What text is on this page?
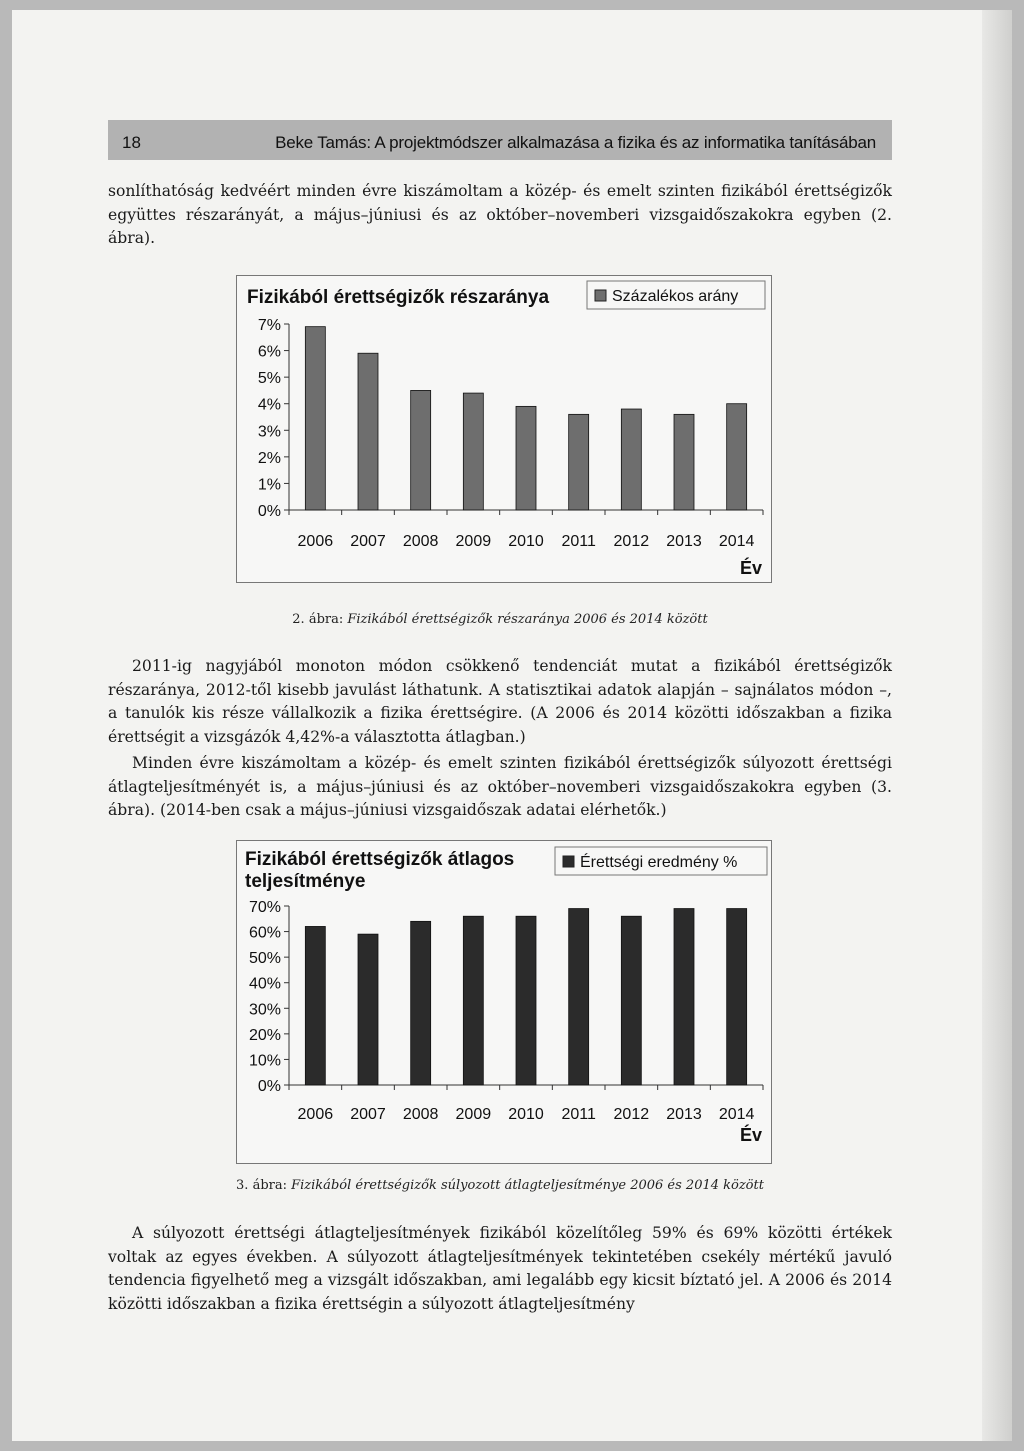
18	Beke Tamás: A projektmódszer alkalmazása a fizika és az informatika tanításában

sonlíthatóság kedvéért minden évre kiszámoltam a közép- és emelt szinten fizikából érettségizők együttes részarányát, a május–júniusi és az október–novemberi vizsgaidőszakokra egyben (2. ábra).

Fizikából érettségizők részaránya	Százalékos arány
0%
1%
2%
3%
4%
5%
6%
7%
2006 2007 2008 2009 2010 2011 2012 2013 2014
Év
2. ábra: Fizikából érettségizők részaránya 2006 és 2014 között

2011-ig nagyjából monoton módon csökkenő tendenciát mutat a fizikából érettségizők részaránya, 2012-től kisebb javulást láthatunk. A statisztikai adatok alapján – sajnálatos módon –, a tanulók kis része vállalkozik a fizika érettségire. (A 2006 és 2014 közötti időszakban a fizika érettségit a vizsgázók 4,42%-a választotta átlagban.)

Minden évre kiszámoltam a közép- és emelt szinten fizikából érettségizők súlyozott érettségi átlagteljesítményét is, a május–júniusi és az október–novemberi vizsgaidőszakokra egyben (3. ábra). (2014-ben csak a május–júniusi vizsgaidőszak adatai elérhetők.)

Fizikából érettségizők átlagos
teljesítménye
Érettségi eredmény %
0%
10%
20%
30%
40%
50%
60%
70%
2006 2007 2008 2009 2010 2011 2012 2013 2014
Év
3. ábra: Fizikából érettségizők súlyozott átlagteljesítménye 2006 és 2014 között

A súlyozott érettségi átlagteljesítmények fizikából közelítőleg 59% és 69% közötti értékek voltak az egyes években. A súlyozott átlagteljesítmények tekintetében csekély mértékű javuló tendencia figyelhető meg a vizsgált időszakban, ami legalább egy kicsit bíztató jel. A 2006 és 2014 közötti időszakban a fizika érettségin a súlyozott átlagteljesítmény
